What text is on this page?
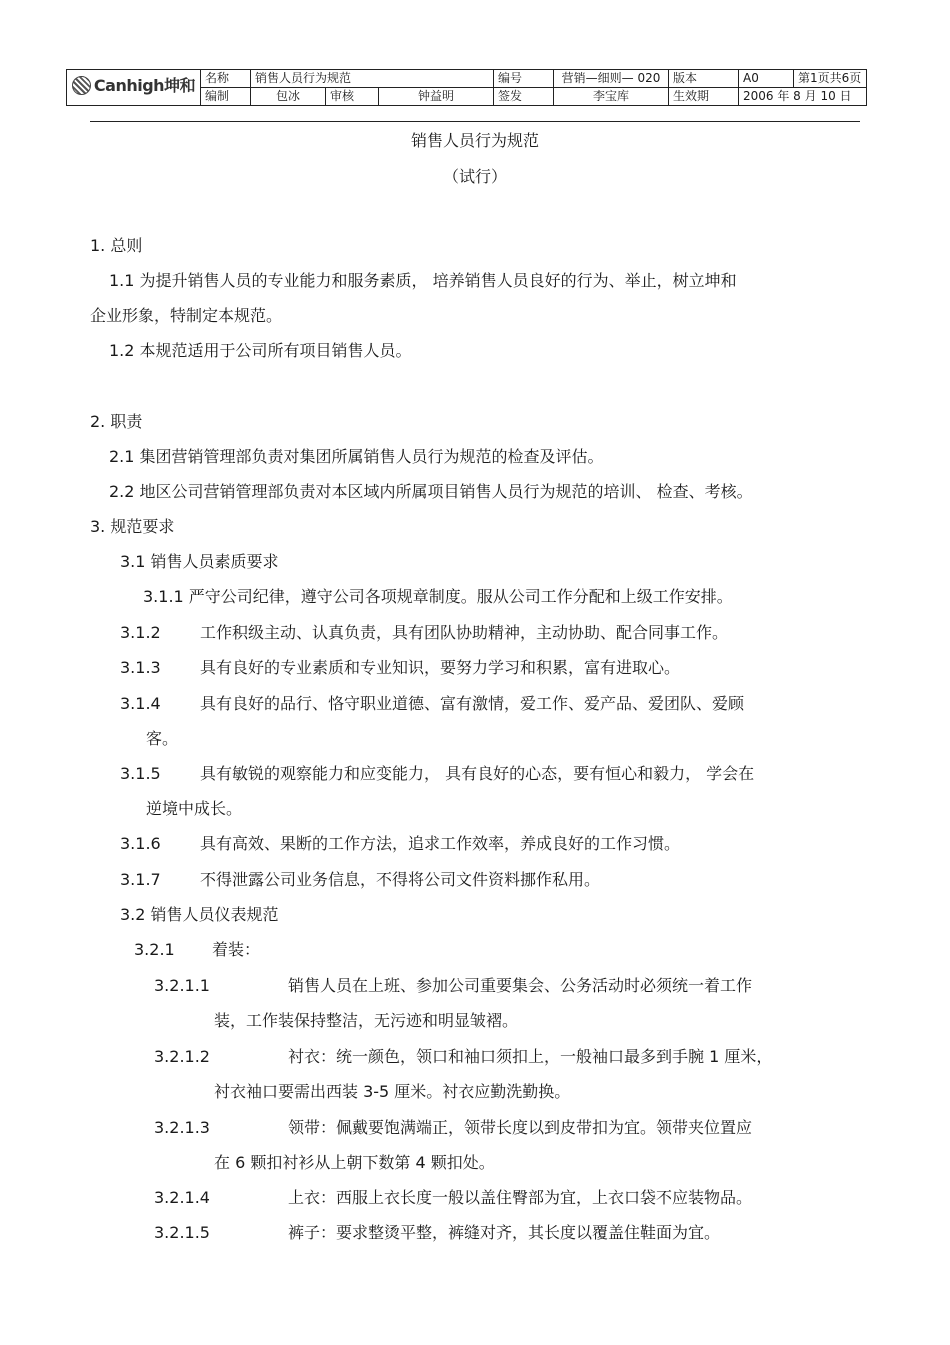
Canhigh坤和	名称	销售人员行为规范			编号	营销—细则— 020	版本	A0	第1页共6页
	编制	包冰	审核	钟益明	签发	李宝库	生效期	2006 年 8 月 10 日	
销售人员行为规范
（试行）
1. 总则
1.1 为提升销售人员的专业能力和服务素质， 培养销售人员良好的行为、举止，树立坤和
企业形象，特制定本规范。
1.2 本规范适用于公司所有项目销售人员。
2. 职责
2.1 集团营销管理部负责对集团所属销售人员行为规范的检查及评估。
2.2 地区公司营销管理部负责对本区域内所属项目销售人员行为规范的培训、 检查、考核。
3. 规范要求
3.1 销售人员素质要求
3.1.1 严守公司纪律，遵守公司各项规章制度。服从公司工作分配和上级工作安排。
3.1.2 工作积级主动、认真负责，具有团队协助精神，主动协助、配合同事工作。
3.1.3 具有良好的专业素质和专业知识，要努力学习和积累，富有进取心。
3.1.4 具有良好的品行、恪守职业道德、富有激情，爱工作、爱产品、爱团队、爱顾
客。
3.1.5 具有敏锐的观察能力和应变能力， 具有良好的心态，要有恒心和毅力， 学会在
逆境中成长。
3.1.6 具有高效、果断的工作方法，追求工作效率，养成良好的工作习惯。
3.1.7 不得泄露公司业务信息，不得将公司文件资料挪作私用。
3.2 销售人员仪表规范
3.2.1 着装：
3.2.1.1	销售人员在上班、参加公司重要集会、公务活动时必须统一着工作
装，工作装保持整洁，无污迹和明显皱褶。
3.2.1.2	衬衣：统一颜色，领口和袖口须扣上，一般袖口最多到手腕 1 厘米，
衬衣袖口要需出西装 3-5 厘米。衬衣应勤洗勤换。
3.2.1.3	领带：佩戴要饱满端正，领带长度以到皮带扣为宜。领带夹位置应
在 6 颗扣衬衫从上朝下数第 4 颗扣处。
3.2.1.4	上衣：西服上衣长度一般以盖住臀部为宜，上衣口袋不应装物品。
3.2.1.5	裤子：要求整烫平整，裤缝对齐，其长度以覆盖住鞋面为宜。
